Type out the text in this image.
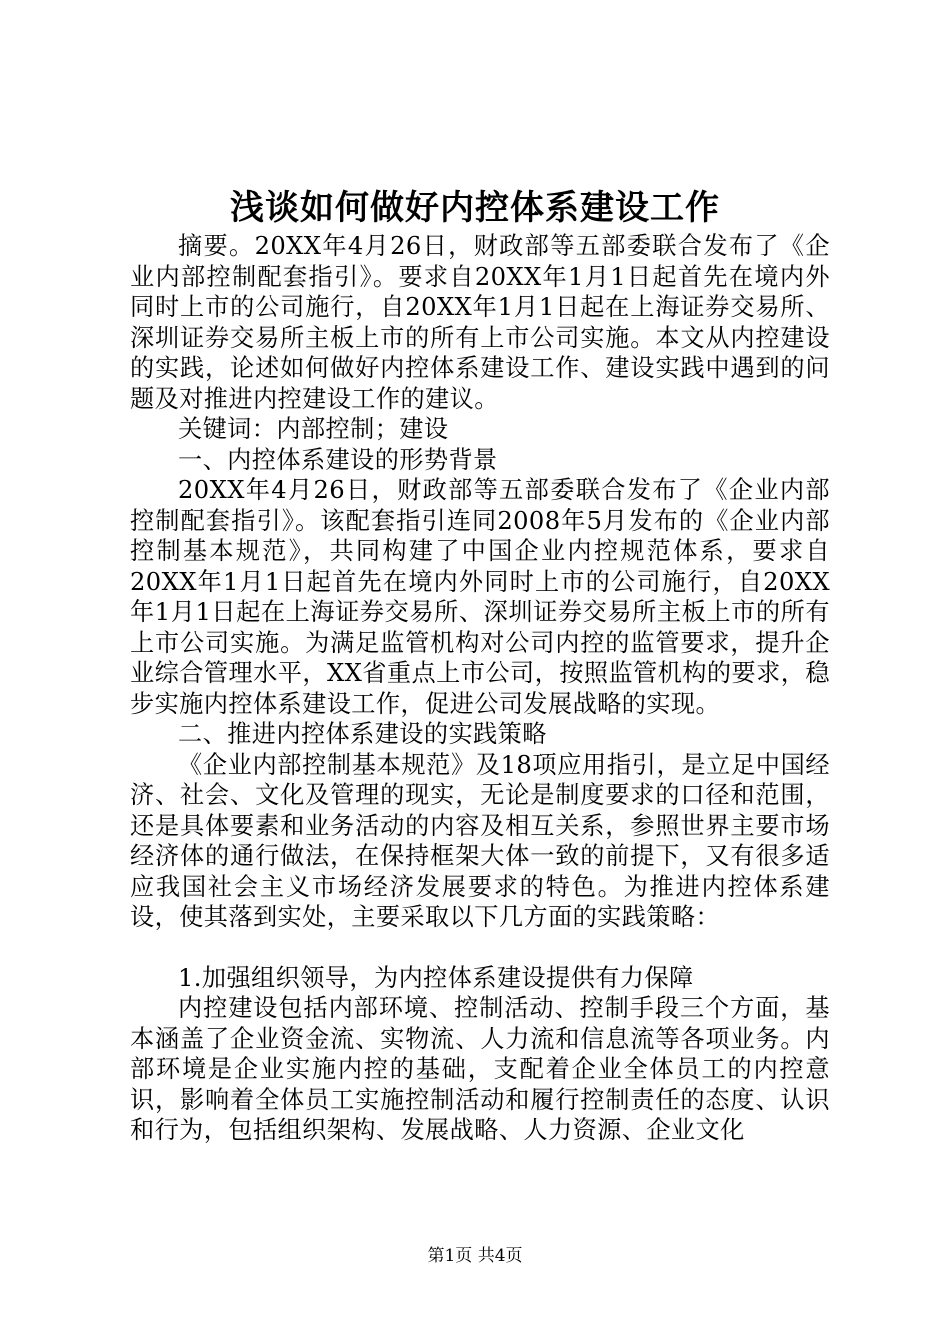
浅谈如何做好内控体系建设工作

摘要。20XX年4月26日，财政部等五部委联合发布了《企业内部控制配套指引》。要求自20XX年1月1日起首先在境内外同时上市的公司施行，自20XX年1月1日起在上海证券交易所、深圳证券交易所主板上市的所有上市公司实施。本文从内控建设的实践，论述如何做好内控体系建设工作、建设实践中遇到的问题及对推进内控建设工作的建议。

关键词：内部控制；建设

一、内控体系建设的形势背景

20XX年4月26日，财政部等五部委联合发布了《企业内部控制配套指引》。该配套指引连同2008年5月发布的《企业内部控制基本规范》，共同构建了中国企业内控规范体系，要求自20XX年1月1日起首先在境内外同时上市的公司施行，自20XX年1月1日起在上海证券交易所、深圳证券交易所主板上市的所有上市公司实施。为满足监管机构对公司内控的监管要求，提升企业综合管理水平，XX省重点上市公司，按照监管机构的要求，稳步实施内控体系建设工作，促进公司发展战略的实现。

二、推进内控体系建设的实践策略

《企业内部控制基本规范》及18项应用指引，是立足中国经济、社会、文化及管理的现实，无论是制度要求的口径和范围，还是具体要素和业务活动的内容及相互关系，参照世界主要市场经济体的通行做法，在保持框架大体一致的前提下，又有很多适应我国社会主义市场经济发展要求的特色。为推进内控体系建设，使其落到实处，主要采取以下几方面的实践策略：

1.加强组织领导，为内控体系建设提供有力保障

内控建设包括内部环境、控制活动、控制手段三个方面，基本涵盖了企业资金流、实物流、人力流和信息流等各项业务。内部环境是企业实施内控的基础，支配着企业全体员工的内控意识，影响着全体员工实施控制活动和履行控制责任的态度、认识和行为，包括组织架构、发展战略、人力资源、企业文化

第1页 共4页
